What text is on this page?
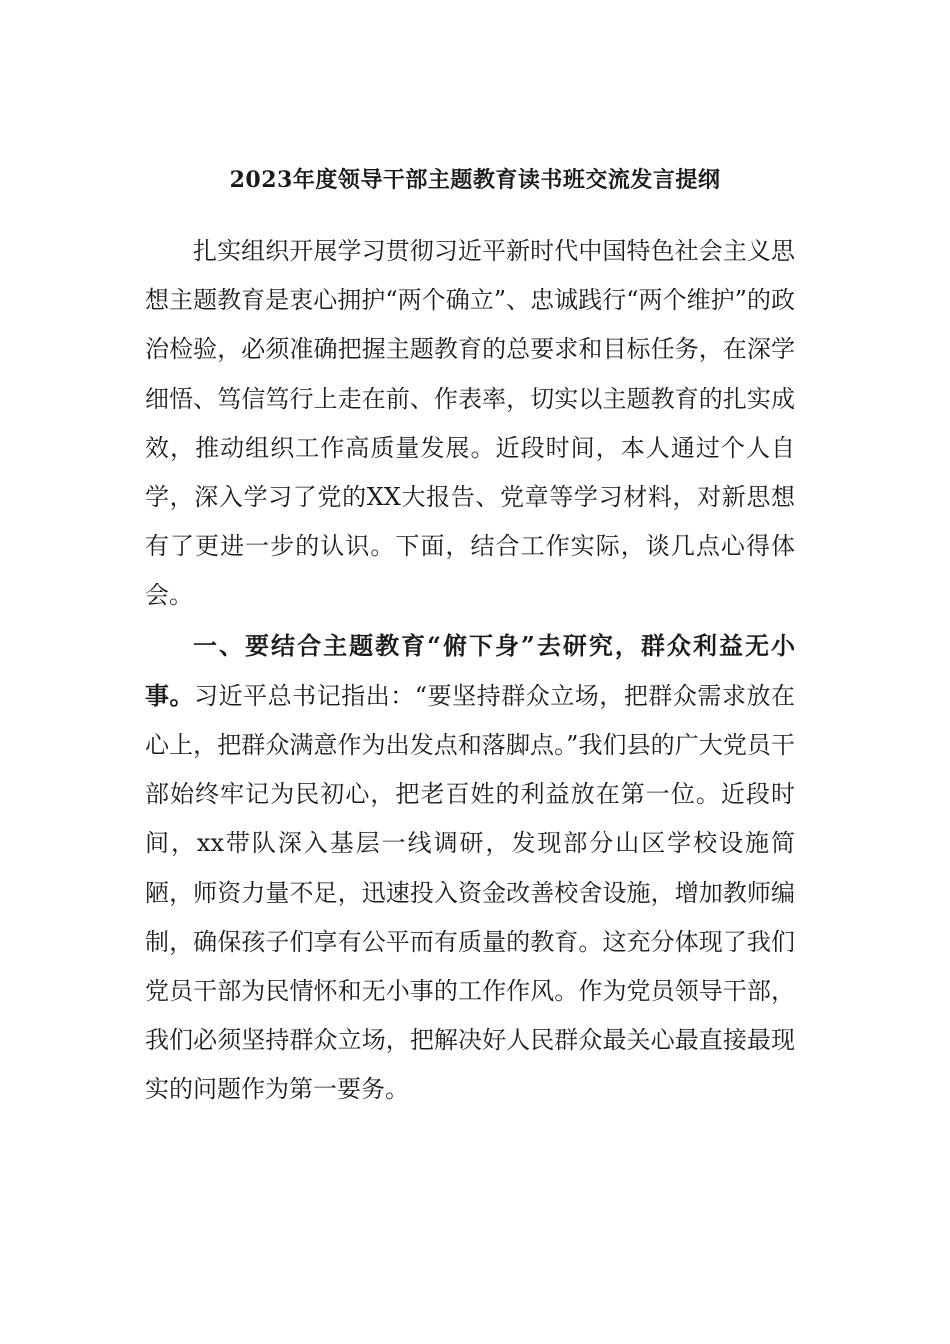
2023年度领导干部主题教育读书班交流发言提纲

扎实组织开展学习贯彻习近平新时代中国特色社会主义思想主题教育是衷心拥护“两个确立”、忠诚践行“两个维护”的政治检验，必须准确把握主题教育的总要求和目标任务，在深学细悟、笃信笃行上走在前、作表率，切实以主题教育的扎实成效，推动组织工作高质量发展。近段时间，本人通过个人自学，深入学习了党的XX大报告、党章等学习材料，对新思想有了更进一步的认识。下面，结合工作实际，谈几点心得体会。

一、要结合主题教育“俯下身”去研究，群众利益无小事。习近平总书记指出：“要坚持群众立场，把群众需求放在心上，把群众满意作为出发点和落脚点。”我们县的广大党员干部始终牢记为民初心，把老百姓的利益放在第一位。近段时间，xx带队深入基层一线调研，发现部分山区学校设施简陋，师资力量不足，迅速投入资金改善校舍设施，增加教师编制，确保孩子们享有公平而有质量的教育。这充分体现了我们党员干部为民情怀和无小事的工作作风。作为党员领导干部，我们必须坚持群众立场，把解决好人民群众最关心最直接最现实的问题作为第一要务。
